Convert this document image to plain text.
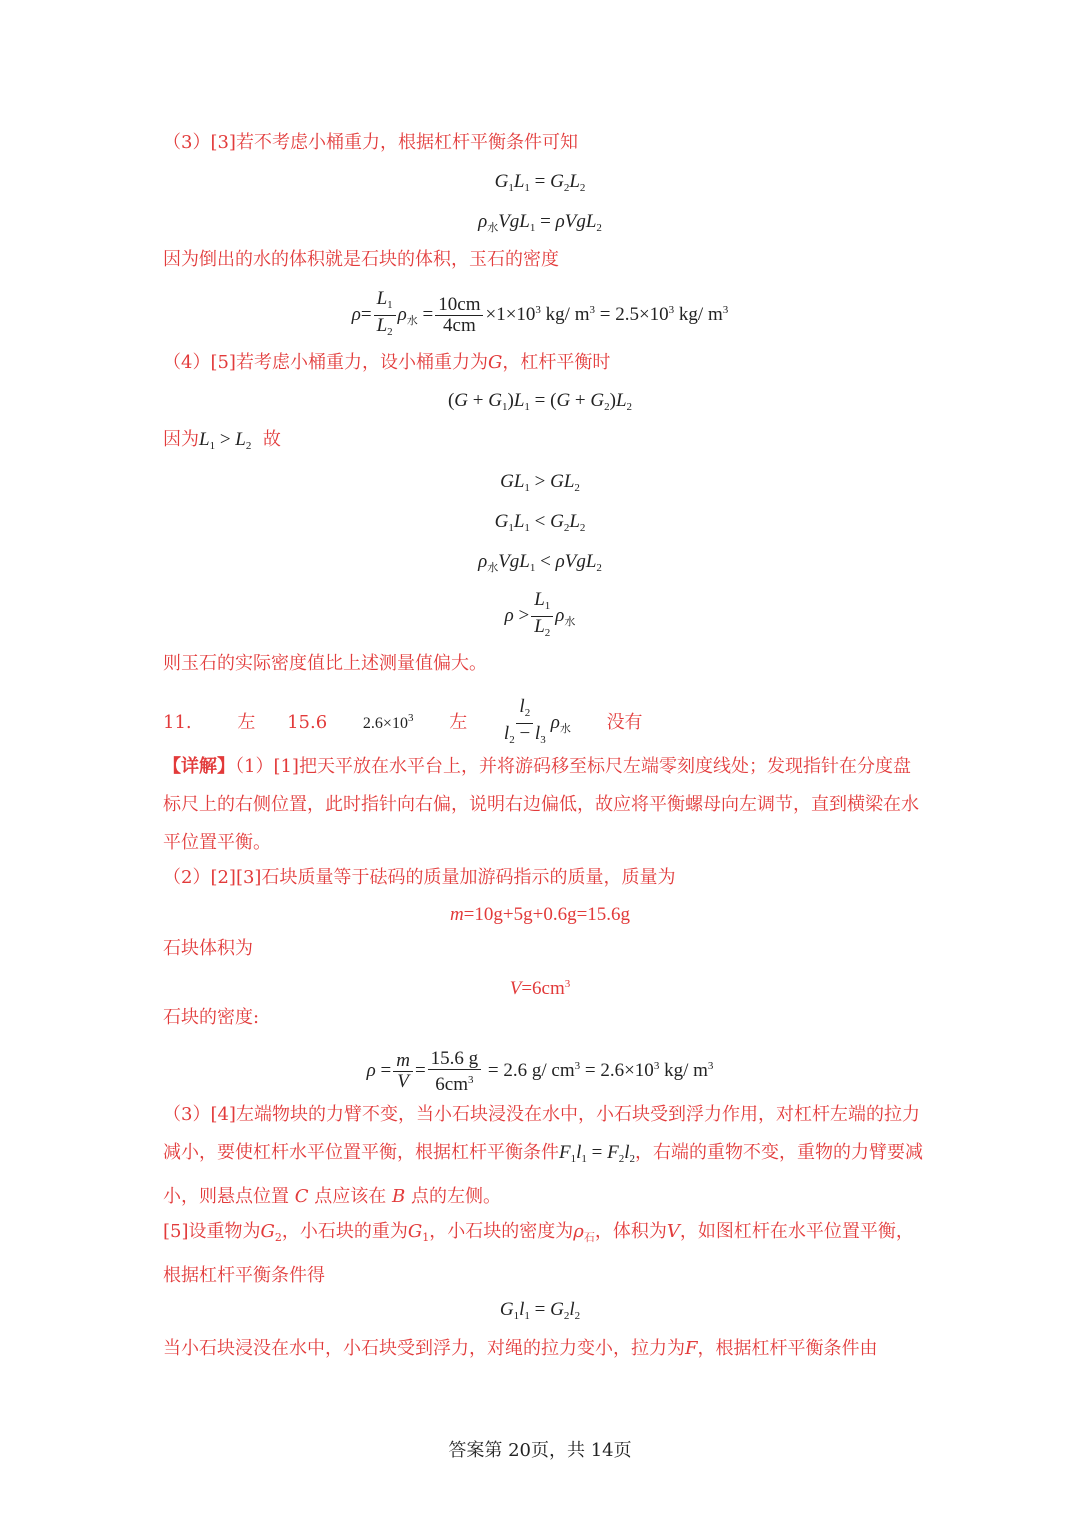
（3）[3]若不考虑小桶重力，根据杠杆平衡条件可知
$G_1L_1 = G_2L_2$
$\rho_水VgL_1 = \rho VgL_2$
因为倒出的水的体积就是石块的体积，玉石的密度
$\rho= \frac{L_1}{L_2} \rho_水 = \frac{10cm}{4cm} \times 1\times 10^3$ kg/ $m^3 = 2.5\times 10^3$ kg/ $m^3$
（4）[5]若考虑小桶重力，设小桶重力为G，杠杆平衡时
$(G + G_1)L_1 = (G + G_2)L_2$
因为$L_1 > L_2$ 故
$GL_1 > GL_2$
$G_1L_1 < G_2L_2$
$\rho_水VgL_1 < \rho VgL_2$
$\rho > \frac{L_1}{L_2} \rho_水$
则玉石的实际密度值比上述测量值偏大。
11.	左 15.6 $2.6\times 10^3$ 左 $\frac{l_2}{l_2 - l_3} \rho_水$ 没有
【详解】（1）[1]把天平放在水平台上，并将游码移至标尺左端零刻度线处；发现指针在分度盘标尺上的右侧位置，此时指针向右偏，说明右边偏低，故应将平衡螺母向左调节，直到横梁在水平位置平衡。
（2）[2][3]石块质量等于砝码的质量加游码指示的质量，质量为
m=10g+5g+0.6g=15.6g
石块体积为
$V=6cm^3$
石块的密度:
$\rho = \frac{m}{V} = \frac{15.6 g}{6cm^3} = 2.6$ g/ $cm^3 = 2.6\times 10^3$ kg/ $m^3$
（3）[4]左端物块的力臂不变，当小石块浸没在水中，小石块受到浮力作用，对杠杆左端的拉力减小，要使杠杆水平位置平衡，根据杠杆平衡条件$F_1l_1 = F_2l_2$，右端的重物不变，重物的力臂要减小，则悬点位置 C 点应该在 B 点的左侧。
[5]设重物为$G_2$，小石块的重为$G_1$，小石块的密度为$\rho_石$，体积为V，如图杠杆在水平位置平衡，根据杠杆平衡条件得
$G_1l_1 = G_2l_2$
当小石块浸没在水中，小石块受到浮力，对绳的拉力变小，拉力为F，根据杠杆平衡条件由
答案第 20页，共 14页
